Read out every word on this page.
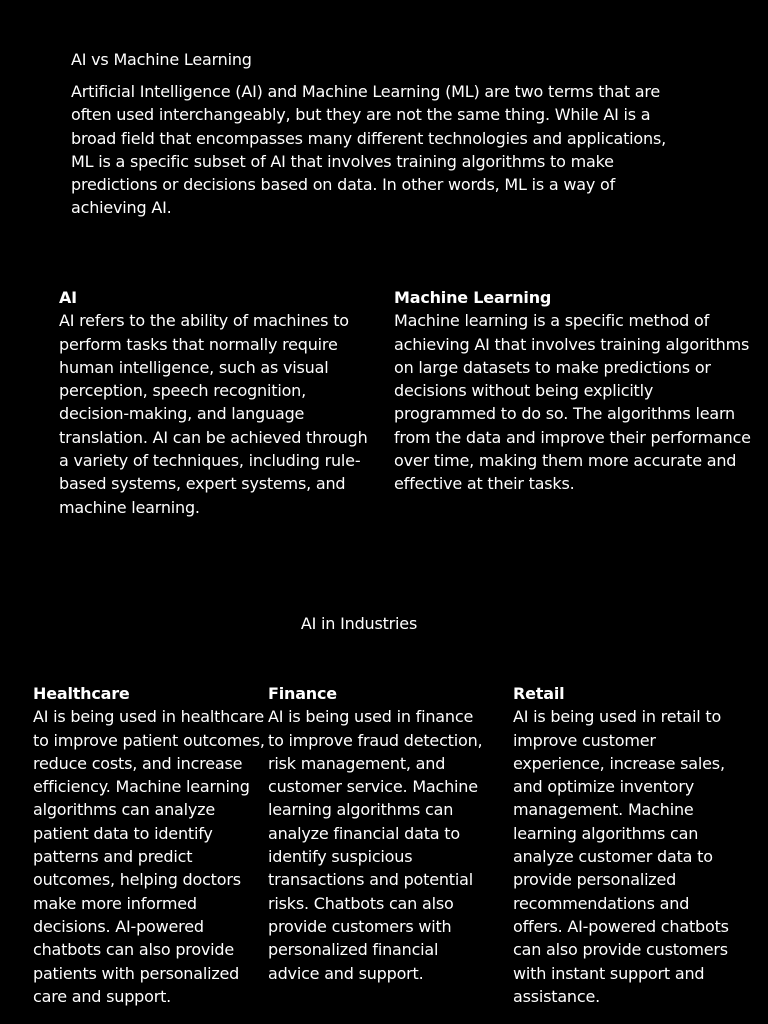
AI vs Machine Learning

Artificial Intelligence (AI) and Machine Learning (ML) are two terms that are often used interchangeably, but they are not the same thing. While AI is a broad field that encompasses many different technologies and applications, ML is a specific subset of AI that involves training algorithms to make predictions or decisions based on data. In other words, ML is a way of achieving AI.

AI

AI refers to the ability of machines to perform tasks that normally require human intelligence, such as visual perception, speech recognition, decision-making, and language translation. AI can be achieved through a variety of techniques, including rule-based systems, expert systems, and machine learning.

Machine Learning

Machine learning is a specific method of achieving AI that involves training algorithms on large datasets to make predictions or decisions without being explicitly programmed to do so. The algorithms learn from the data and improve their performance over time, making them more accurate and effective at their tasks.

AI in Industries
Healthcare

AI is being used in healthcare to improve patient outcomes, reduce costs, and increase efficiency. Machine learning algorithms can analyze patient data to identify patterns and predict outcomes, helping doctors make more informed decisions. AI-powered chatbots can also provide patients with personalized care and support.

Finance

AI is being used in finance to improve fraud detection, risk management, and customer service. Machine learning algorithms can analyze financial data to identify suspicious transactions and potential risks. Chatbots can also provide customers with personalized financial advice and support.

Retail

AI is being used in retail to improve customer experience, increase sales, and optimize inventory management. Machine learning algorithms can analyze customer data to provide personalized recommendations and offers. AI-powered chatbots can also provide customers with instant support and assistance.
